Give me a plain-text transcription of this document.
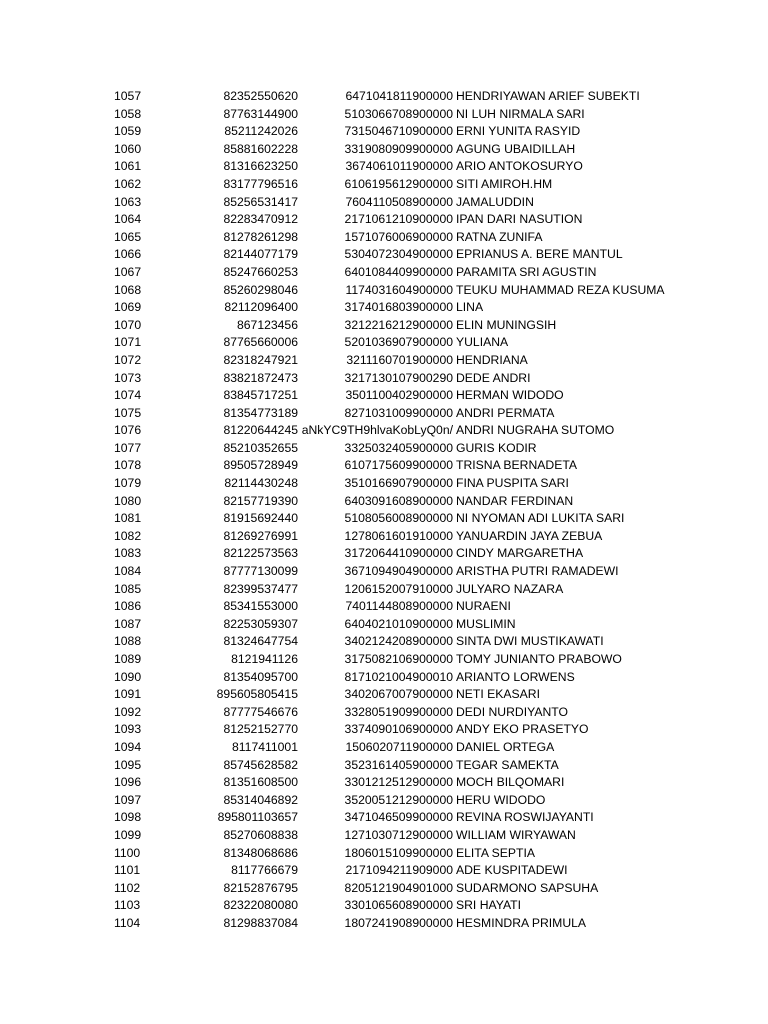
1057	82352550620	6471041811900000 HENDRIYAWAN ARIEF SUBEKTI
1058	87763144900	5103066708900000 NI LUH NIRMALA SARI
1059	85211242026	7315046710900000 ERNI YUNITA RASYID
1060	85881602228	3319080909900000 AGUNG UBAIDILLAH
1061	81316623250	3674061011900000 ARIO ANTOKOSURYO
1062	83177796516	6106195612900000 SITI AMIROH.HM
1063	85256531417	7604110508900000 JAMALUDDIN
1064	82283470912	2171061210900000 IPAN DARI NASUTION
1065	81278261298	1571076006900000 RATNA ZUNIFA
1066	82144077179	5304072304900000 EPRIANUS A. BERE MANTUL
1067	85247660253	6401084409900000 PARAMITA SRI AGUSTIN
1068	85260298046	1174031604900000 TEUKU MUHAMMAD REZA KUSUMA
1069	82112096400	3174016803900000 LINA
1070	867123456	3212216212900000 ELIN MUNINGSIH
1071	87765660006	5201036907900000 YULIANA
1072	82318247921	3211160701900000 HENDRIANA
1073	83821872473	3217130107900290 DEDE ANDRI
1074	83845717251	3501100402900000 HERMAN WIDODO
1075	81354773189	8271031009900000 ANDRI PERMATA
1076	81220644245 aNkYC9TH9hlvaKobLyQ0n/ ANDRI NUGRAHA SUTOMO
1077	85210352655	3325032405900000 GURIS KODIR
1078	89505728949	6107175609900000 TRISNA BERNADETA
1079	82114430248	3510166907900000 FINA PUSPITA SARI
1080	82157719390	6403091608900000 NANDAR FERDINAN
1081	81915692440	5108056008900000 NI NYOMAN ADI LUKITA SARI
1082	81269276991	1278061601910000 YANUARDIN JAYA ZEBUA
1083	82122573563	3172064410900000 CINDY MARGARETHA
1084	87777130099	3671094904900000 ARISTHA PUTRI RAMADEWI
1085	82399537477	1206152007910000 JULYARO NAZARA
1086	85341553000	7401144808900000 NURAENI
1087	82253059307	6404021010900000 MUSLIMIN
1088	81324647754	3402124208900000 SINTA DWI MUSTIKAWATI
1089	8121941126	3175082106900000 TOMY JUNIANTO PRABOWO
1090	81354095700	8171021004900010 ARIANTO LORWENS
1091	895605805415	3402067007900000 NETI EKASARI
1092	87777546676	3328051909900000 DEDI NURDIYANTO
1093	81252152770	3374090106900000 ANDY EKO PRASETYO
1094	8117411001	1506020711900000 DANIEL ORTEGA
1095	85745628582	3523161405900000 TEGAR SAMEKTA
1096	81351608500	3301212512900000 MOCH BILQOMARI
1097	85314046892	3520051212900000 HERU WIDODO
1098	895801103657	3471046509900000 REVINA ROSWIJAYANTI
1099	85270608838	1271030712900000 WILLIAM WIRYAWAN
1100	81348068686	1806015109900000 ELITA SEPTIA
1101	8117766679	2171094211909000 ADE KUSPITADEWI
1102	82152876795	8205121904901000 SUDARMONO SAPSUHA
1103	82322080080	3301065608900000 SRI HAYATI
1104	81298837084	1807241908900000 HESMINDRA PRIMULA
